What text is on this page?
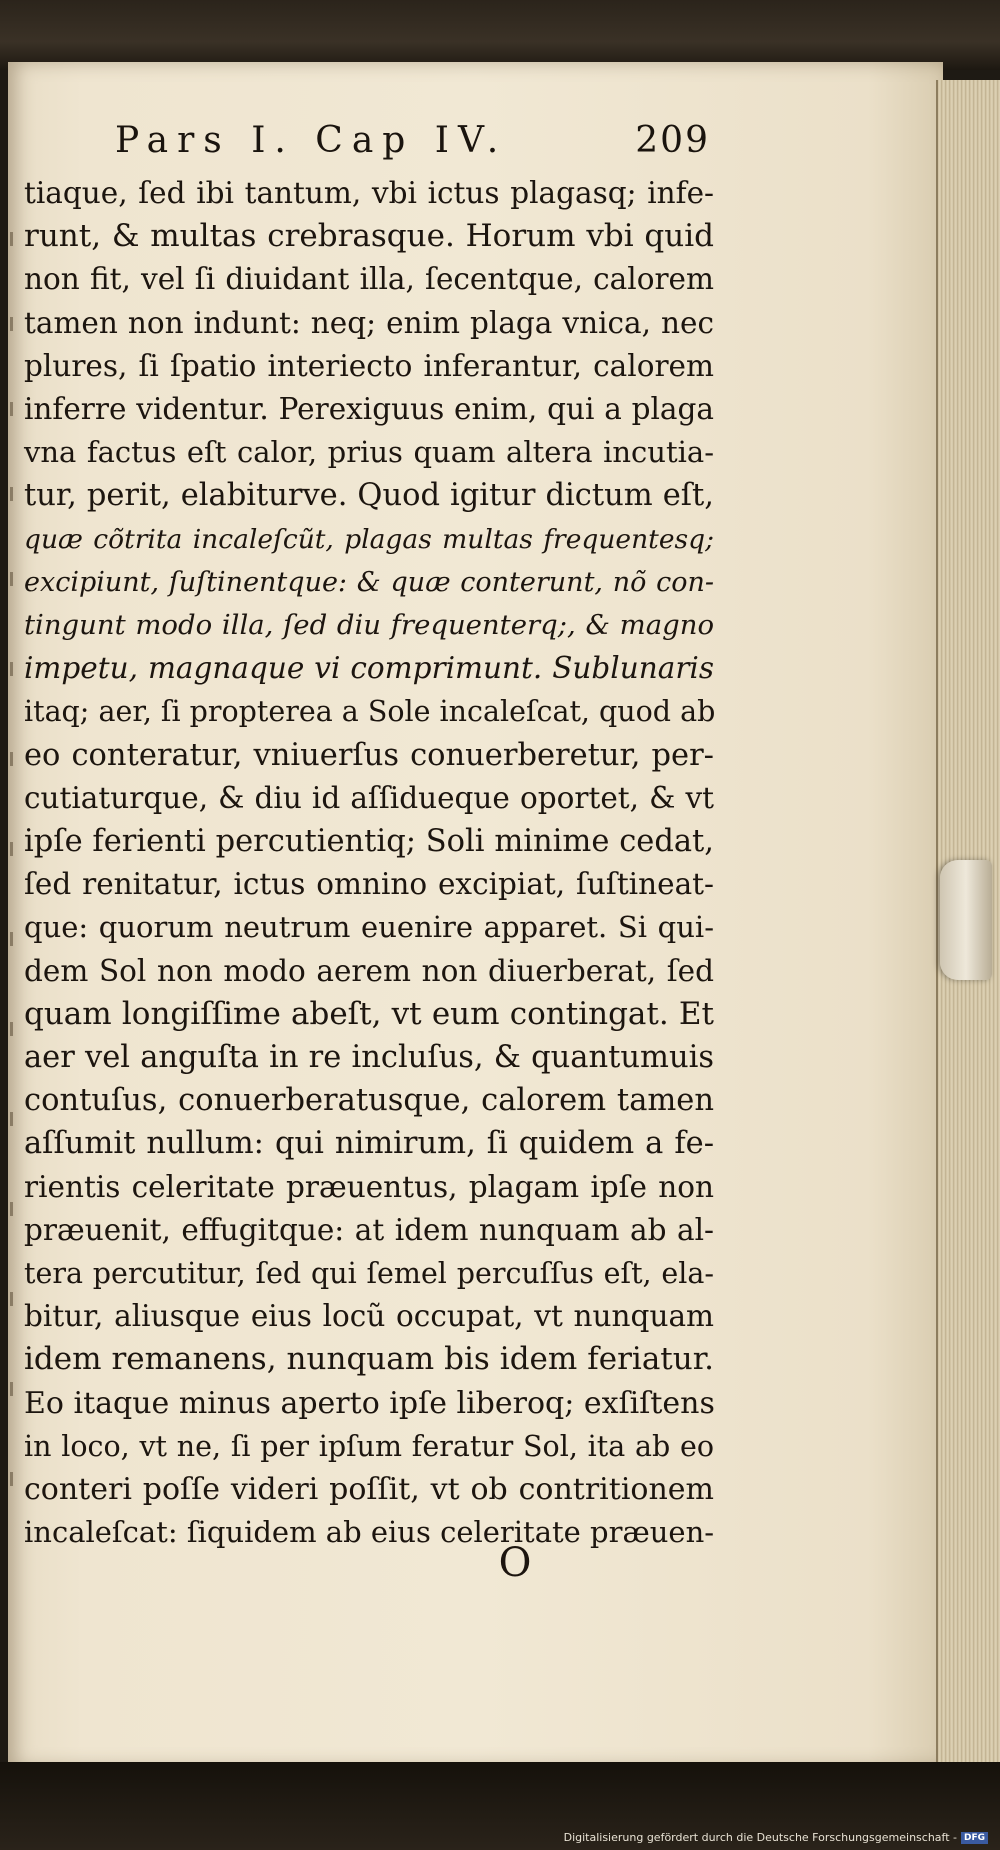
Pars I. Cap IV.	209
tiaque, ſed ibi tantum, vbi ictus plagasq; infe-
runt, & multas crebrasque. Horum vbi quid
non fit, vel ſi diuidant illa, ſecentque, calorem
tamen non indunt: neq; enim plaga vnica, nec
plures, ſi ſpatio interiecto inferantur, calorem
inferre videntur. Perexiguus enim, qui a plaga
vna factus eſt calor, prius quam altera incutia-
tur, perit, elabiturve. Quod igitur dictum eſt,
quæ cõtrita incaleſcũt, plagas multas frequentesq;
excipiunt, ſuſtinentque: & quæ conterunt, nõ con-
tingunt modo illa, ſed diu frequenterq;, & magno
impetu, magnaque vi comprimunt. Sublunaris
itaq; aer, ſi propterea a Sole incaleſcat, quod ab
eo conteratur, vniuerſus conuerberetur, per-
cutiaturque, & diu id aſſidueque oportet, & vt
ipſe ferienti percutientiq; Soli minime cedat,
ſed renitatur, ictus omnino excipiat, ſuſtineat-
que: quorum neutrum euenire apparet. Si qui-
dem Sol non modo aerem non diuerberat, ſed
quam longiſſime abeſt, vt eum contingat. Et
aer vel anguſta in re incluſus, & quantumuis
contuſus, conuerberatusque, calorem tamen
aſſumit nullum: qui nimirum, ſi quidem a fe-
rientis celeritate præuentus, plagam ipſe non
præuenit, effugitque: at idem nunquam ab al-
tera percutitur, ſed qui ſemel percuſſus eſt, ela-
bitur, aliusque eius locũ occupat, vt nunquam
idem remanens, nunquam bis idem feriatur.
Eo itaque minus aperto ipſe liberoq; exſiſtens
in loco, vt ne, ſi per ipſum feratur Sol, ita ab eo
conteri poſſe videri poſſit, vt ob contritionem
incaleſcat: ſiquidem ab eius celeritate præuen-
O
Digitalisierung gefördert durch die Deutsche Forschungsgemeinschaft - DFG
